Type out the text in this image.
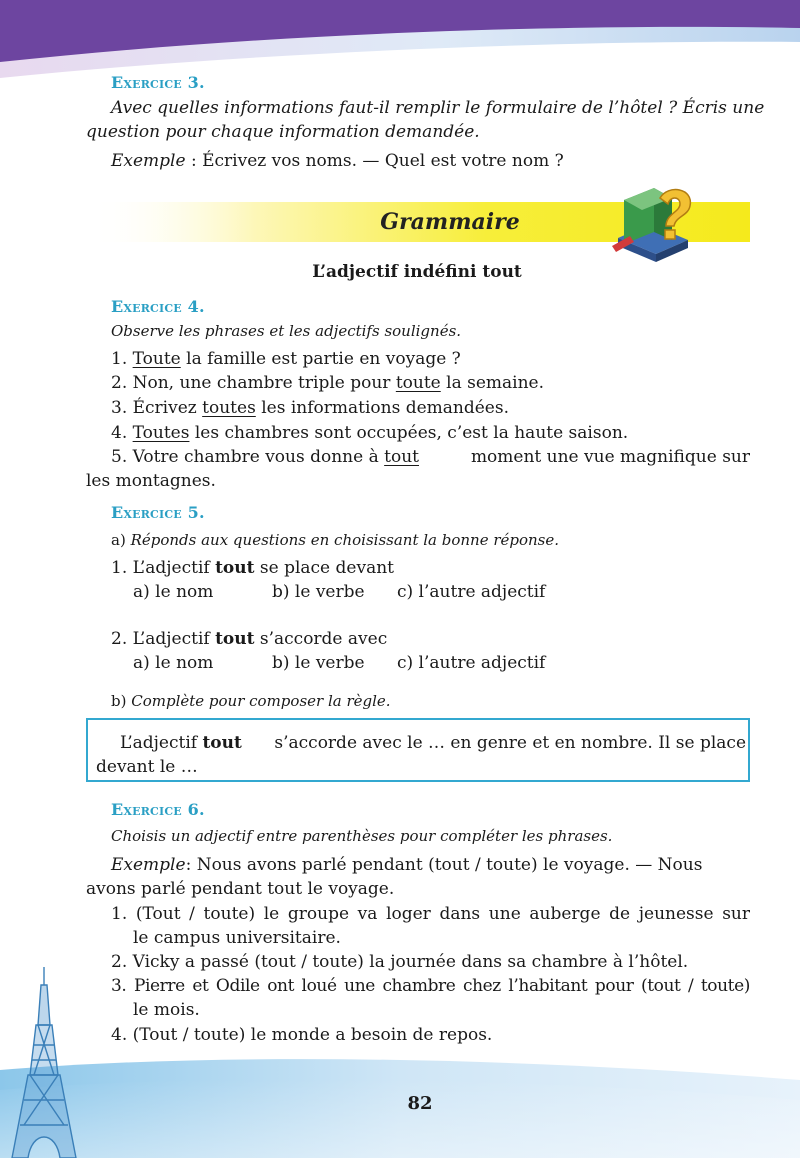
Exercice 3.
Avec quelles informations faut-il remplir le formulaire de l’hôtel ? Écris une
question pour chaque information demandée.
Exemple : Écrivez vos noms. — Quel est votre nom ?
Grammaire
L’adjectif indéfini tout
Exercice 4.
Observe les phrases et les adjectifs soulignés.
1. Toute la famille est partie en voyage ?
2. Non, une chambre triple pour toute la semaine.
3. Écrivez toutes les informations demandées.
4. Toutes les chambres sont occupées, c’est la haute saison.
5. Votre chambre vous donne à tout	moment une vue magnifique sur
les montagnes.
Exercice 5.
a) Réponds aux questions en choisissant la bonne réponse.
1. L’adjectif tout se place devant
a) le nom	b) le verbe c) l’autre adjectif
2. L’adjectif tout s’accorde avec
a) le nom	b) le verbe c) l’autre adjectif
b) Complète pour composer la règle.
L’adjectif tout s’accorde avec le … en genre et en nombre. Il se place
devant le …
Exercice 6.
Choisis un adjectif entre parenthèses pour compléter les phrases.
Exemple : Nous avons parlé pendant (tout / toute) le voyage. — Nous
avons parlé pendant tout le voyage.
1. (Tout / toute) le groupe va loger dans une auberge de jeunesse sur
le campus universitaire.
2. Vicky a passé (tout / toute) la journée dans sa chambre à l’hôtel.
3. Pierre et Odile ont loué une chambre chez l’habitant pour (tout / toute)
le mois.
4. (Tout / toute) le monde a besoin de repos.
82
